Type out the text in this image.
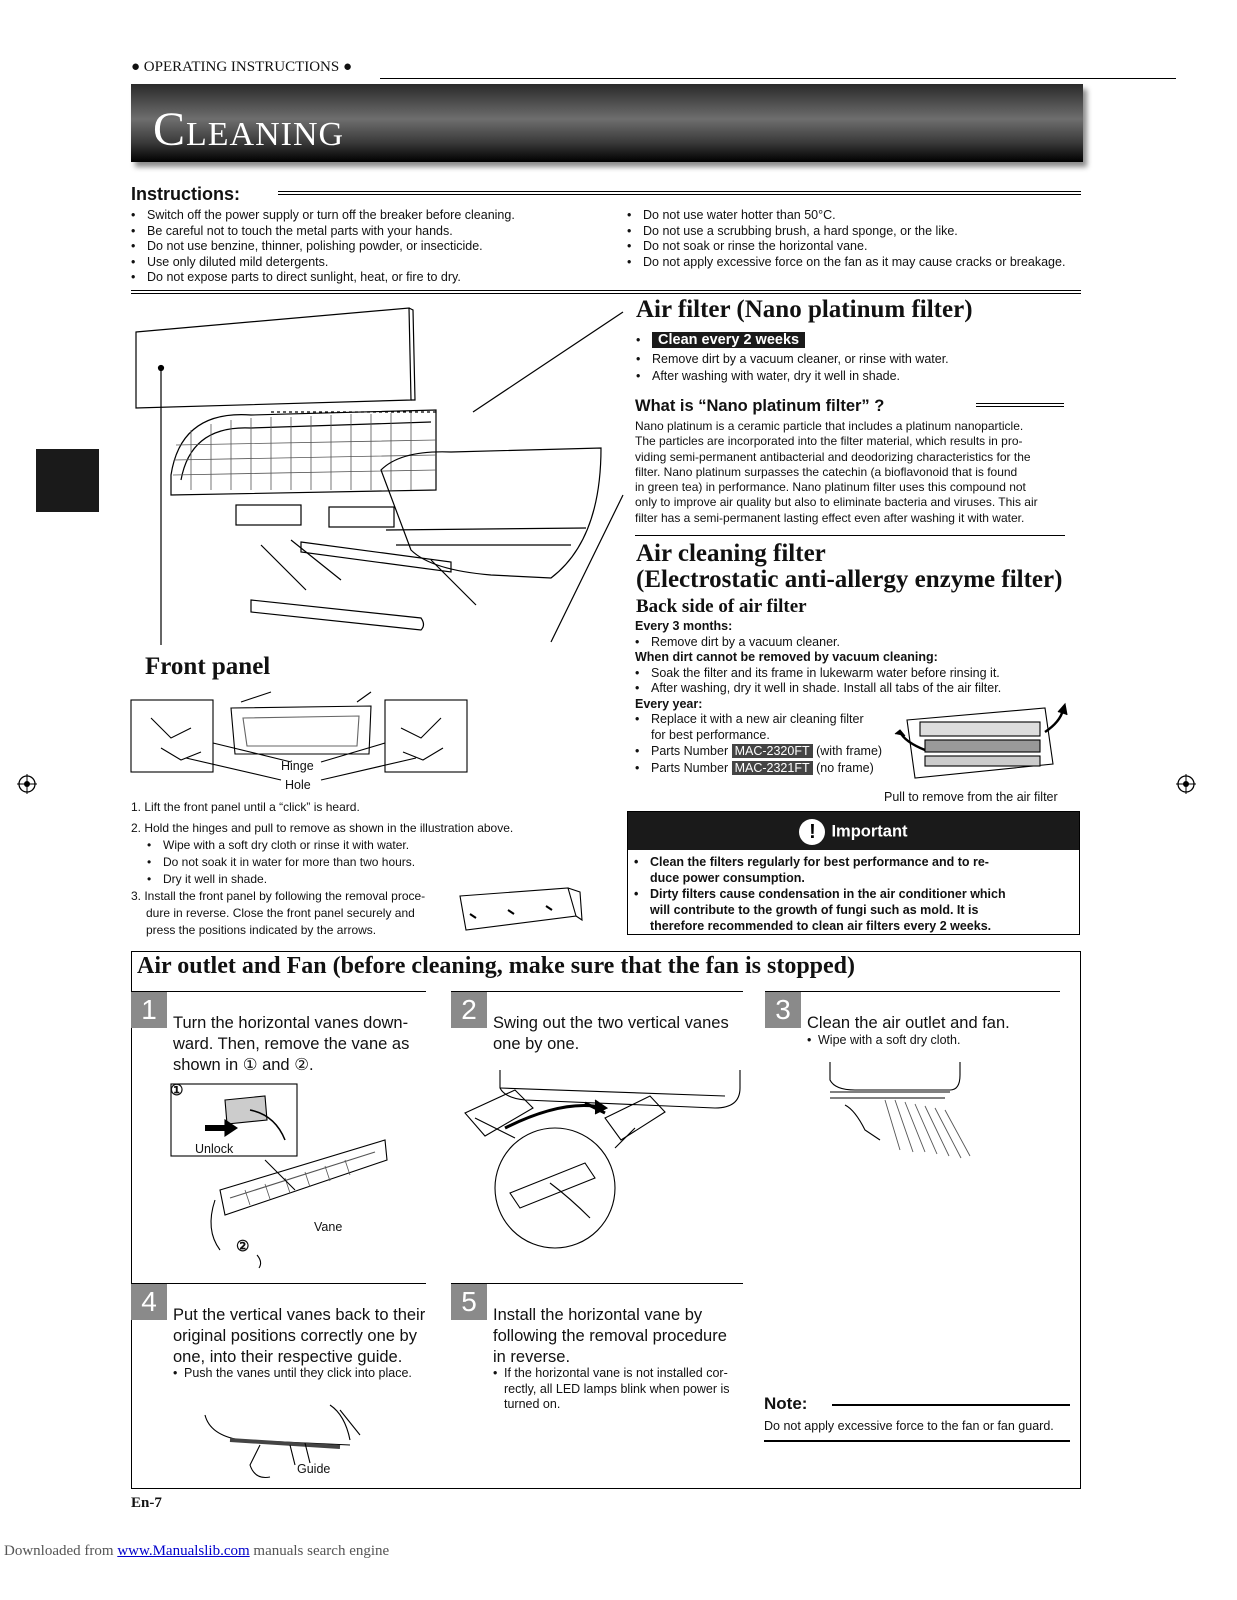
● OPERATING INSTRUCTIONS ●
CLEANING
Instructions:
• Switch off the power supply or turn off the breaker before cleaning.
• Be careful not to touch the metal parts with your hands.
• Do not use benzine, thinner, polishing powder, or insecticide.
• Use only diluted mild detergents.
• Do not expose parts to direct sunlight, heat, or fire to dry.
• Do not use water hotter than 50°C.
• Do not use a scrubbing brush, a hard sponge, or the like.
• Do not soak or rinse the horizontal vane.
• Do not apply excessive force on the fan as it may cause cracks or breakage.
Air filter (Nano platinum filter)
• Clean every 2 weeks
• Remove dirt by a vacuum cleaner, or rinse with water.
• After washing with water, dry it well in shade.
What is “Nano platinum filter” ?
Nano platinum is a ceramic particle that includes a platinum nanoparticle.
The particles are incorporated into the filter material, which results in pro-
viding semi-permanent antibacterial and deodorizing characteristics for the
filter. Nano platinum surpasses the catechin (a bioflavonoid that is found
in green tea) in performance. Nano platinum filter uses this compound not
only to improve air quality but also to eliminate bacteria and viruses. This air
filter has a semi-permanent lasting effect even after washing it with water.
Air cleaning filter
(Electrostatic anti-allergy enzyme filter)
Back side of air filter
Every 3 months:
• Remove dirt by a vacuum cleaner.
When dirt cannot be removed by vacuum cleaning:
• Soak the filter and its frame in lukewarm water before rinsing it.
• After washing, dry it well in shade. Install all tabs of the air filter.
Every year:
• Replace it with a new air cleaning filter
for best performance.
• Parts Number MAC-2320FT (with frame)
• Parts Number MAC-2321FT (no frame)
Pull to remove from the air filter
! Important
• Clean the filters regularly for best performance and to re-
duce power consumption.
• Dirty filters cause condensation in the air conditioner which
will contribute to the growth of fungi such as mold. It is
therefore recommended to clean air filters every 2 weeks.
Front panel
Hinge
Hole
1. Lift the front panel until a “click” is heard.
2. Hold the hinges and pull to remove as shown in the illustration above.
• Wipe with a soft dry cloth or rinse it with water.
• Do not soak it in water for more than two hours.
• Dry it well in shade.
3. Install the front panel by following the removal proce-
dure in reverse. Close the front panel securely and
press the positions indicated by the arrows.
Air outlet and Fan (before cleaning, make sure that the fan is stopped)
1 Turn the horizontal vanes down-
ward. Then, remove the vane as
shown in ① and ②.
①
②
Unlock
Vane
2 Swing out the two vertical vanes
one by one.
3 Clean the air outlet and fan.
• Wipe with a soft dry cloth.
4 Put the vertical vanes back to their
original positions correctly one by
one, into their respective guide.
• Push the vanes until they click into place.
Guide
5 Install the horizontal vane by
following the removal procedure
in reverse.
• If the horizontal vane is not installed cor-
rectly, all LED lamps blink when power is
turned on.	Note:
Do not apply excessive force to the fan or fan guard.
En-7
Downloaded from www.Manualslib.com manuals search engine
